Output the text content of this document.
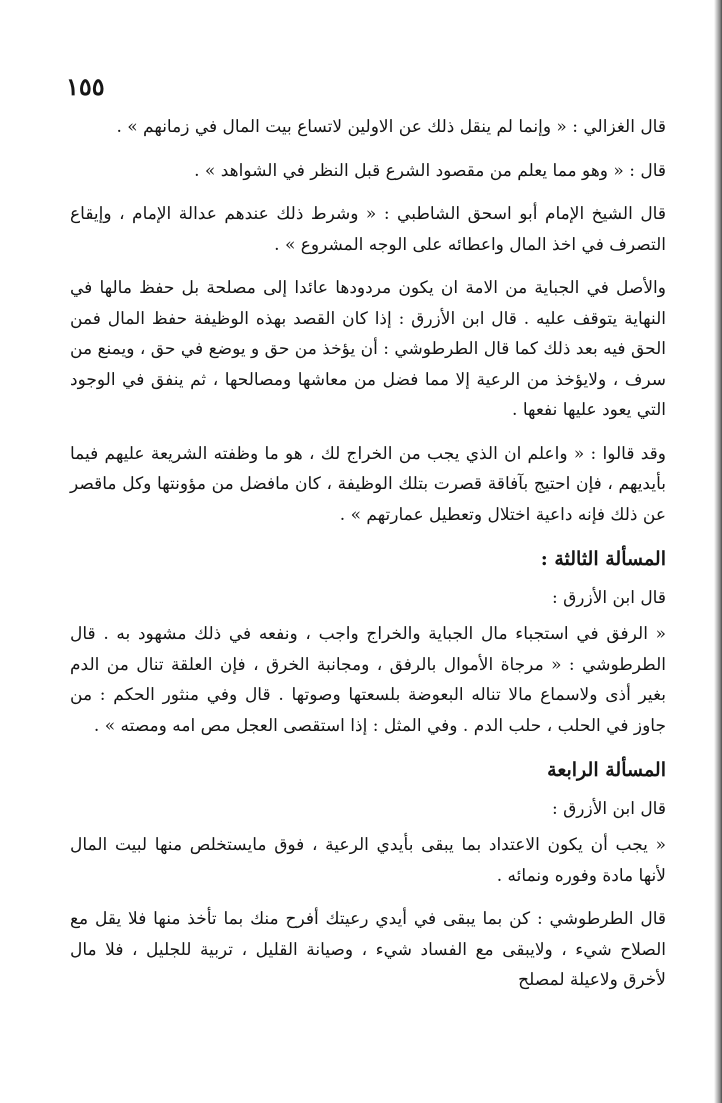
١٥٥

قال الغزالي : « وإنما لم ينقل ذلك عن الاولين لاتساع بيت المال في زمانهم » .

قال : « وهو مما يعلم من مقصود الشرع قبل النظر في الشواهد » .

قال الشيخ الإمام أبو اسحق الشاطبي : « وشرط ذلك عندهم عدالة الإمام ، وإيقاع التصرف في اخذ المال واعطائه على الوجه المشروع » .

والأصل في الجباية من الامة ان يكون مردودها عائدا إلى مصلحة بل حفظ مالها في النهاية يتوقف عليه . قال ابن الأزرق : إذا كان القصد بهذه الوظيفة حفظ المال فمن الحق فيه بعد ذلك كما قال الطرطوشي : أن يؤخذ من حق و يوضع في حق ، ويمنع من سرف ، ولايؤخذ من الرعية إلا مما فضل من معاشها ومصالحها ، ثم ينفق في الوجود التي يعود عليها نفعها .

وقد قالوا : « واعلم ان الذي يجب من الخراج لك ، هو ما وظفته الشريعة عليهم فيما بأيديهم ، فإن احتيج بآفاقة قصرت بتلك الوظيفة ، كان مافضل من مؤونتها وكل ماقصر عن ذلك فإنه داعية اختلال وتعطيل عمارتهم » .

المسألة الثالثة :

قال ابن الأزرق :

« الرفق في استجباء مال الجباية والخراج واجب ، ونفعه في ذلك مشهود به . قال الطرطوشي : « مرجاة الأموال بالرفق ، ومجانبة الخرق ، فإن العلقة تنال من الدم بغير أذى ولاسماع مالا تناله البعوضة بلسعتها وصوتها . قال وفي منثور الحكم : من جاوز في الحلب ، حلب الدم . وفي المثل : إذا استقصى العجل مص امه ومصته » .

المسألة الرابعة

قال ابن الأزرق :

« يجب أن يكون الاعتداد بما يبقى بأيدي الرعية ، فوق مايستخلص منها لبيت المال لأنها مادة وفوره ونمائه .

قال الطرطوشي : كن بما يبقى في أيدي رعيتك أفرح منك بما تأخذ منها فلا يقل مع الصلاح شيء ، ولايبقى مع الفساد شيء ، وصيانة القليل ، تربية للجليل ، فلا مال لأخرق ولاعيلة لمصلح
